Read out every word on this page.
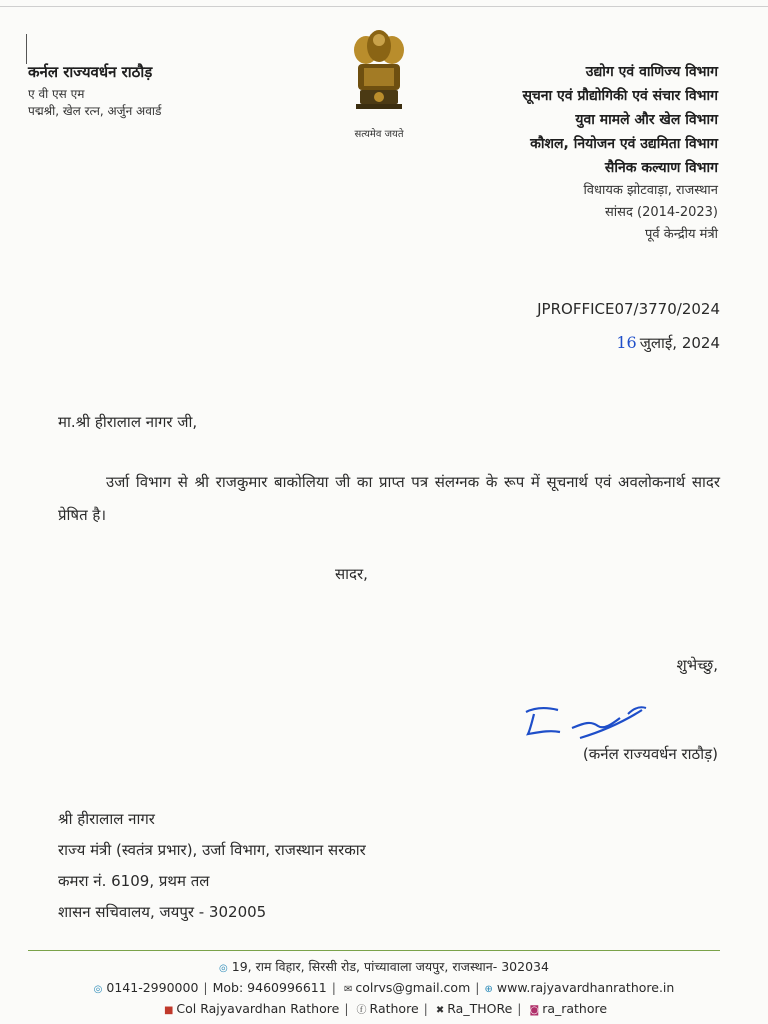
कर्नल राज्यवर्धन राठौड़
ए वी एस एम
पद्मश्री, खेल रत्न, अर्जुन अवार्ड
सत्यमेव जयते
उद्योग एवं वाणिज्य विभाग
सूचना एवं प्रौद्योगिकी एवं संचार विभाग
युवा मामले और खेल विभाग
कौशल, नियोजन एवं उद्यमिता विभाग
सैनिक कल्याण विभाग
विधायक झोटवाड़ा, राजस्थान
सांसद (2014-2023)
पूर्व केन्द्रीय मंत्री
JPROFFICE07/3770/2024
16 जुलाई, 2024
मा.श्री हीरालाल नागर जी,
उर्जा विभाग से श्री राजकुमार बाकोलिया जी का प्राप्त पत्र संलग्नक के रूप में सूचनार्थ एवं अवलोकनार्थ सादर प्रेषित है।
सादर,
शुभेच्छु,
(कर्नल राज्यवर्धन राठौड़)
श्री हीरालाल नागर
राज्य मंत्री (स्वतंत्र प्रभार), उर्जा विभाग, राजस्थान सरकार
कमरा नं. 6109, प्रथम तल
शासन सचिवालय, जयपुर - 302005
◎ 19, राम विहार, सिरसी रोड, पांच्यावाला जयपुर, राजस्थान- 302034
◎ 0141-2990000 | Mob: 9460996611 | ✉ colrvs@gmail.com | ⊕ www.rajyavardhanrathore.in
■ Col Rajyavardhan Rathore | ⓕ Rathore | ✖ Ra_THORe | ◙ ra_rathore
